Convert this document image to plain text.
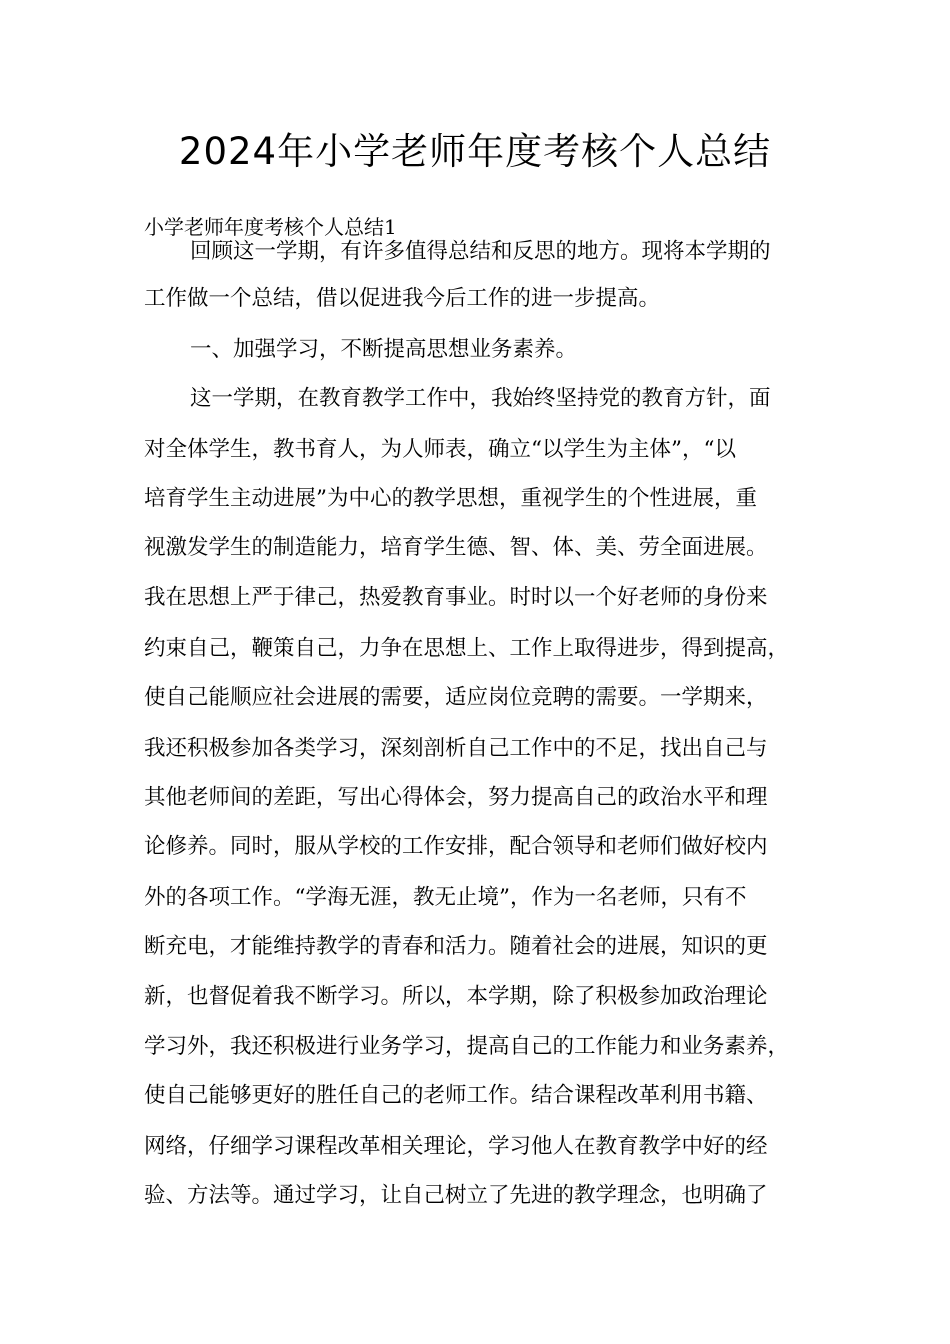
2024年小学老师年度考核个人总结

小学老师年度考核个人总结1

回顾这一学期，有许多值得总结和反思的地方。现将本学期的

工作做一个总结，借以促进我今后工作的进一步提高。

一、加强学习，不断提高思想业务素养。

这一学期，在教育教学工作中，我始终坚持党的教育方针，面

对全体学生，教书育人，为人师表，确立“以学生为主体”，“以

培育学生主动进展”为中心的教学思想，重视学生的个性进展，重

视激发学生的制造能力，培育学生德、智、体、美、劳全面进展。

我在思想上严于律己，热爱教育事业。时时以一个好老师的身份来

约束自己，鞭策自己，力争在思想上、工作上取得进步，得到提高，

使自己能顺应社会进展的需要，适应岗位竞聘的需要。一学期来，

我还积极参加各类学习，深刻剖析自己工作中的不足，找出自己与

其他老师间的差距，写出心得体会，努力提高自己的政治水平和理

论修养。同时，服从学校的工作安排，配合领导和老师们做好校内

外的各项工作。“学海无涯，教无止境”，作为一名老师，只有不

断充电，才能维持教学的青春和活力。随着社会的进展，知识的更

新，也督促着我不断学习。所以，本学期，除了积极参加政治理论

学习外，我还积极进行业务学习，提高自己的工作能力和业务素养，

使自己能够更好的胜任自己的老师工作。结合课程改革利用书籍、

网络，仔细学习课程改革相关理论，学习他人在教育教学中好的经

验、方法等。通过学习，让自己树立了先进的教学理念，也明确了
